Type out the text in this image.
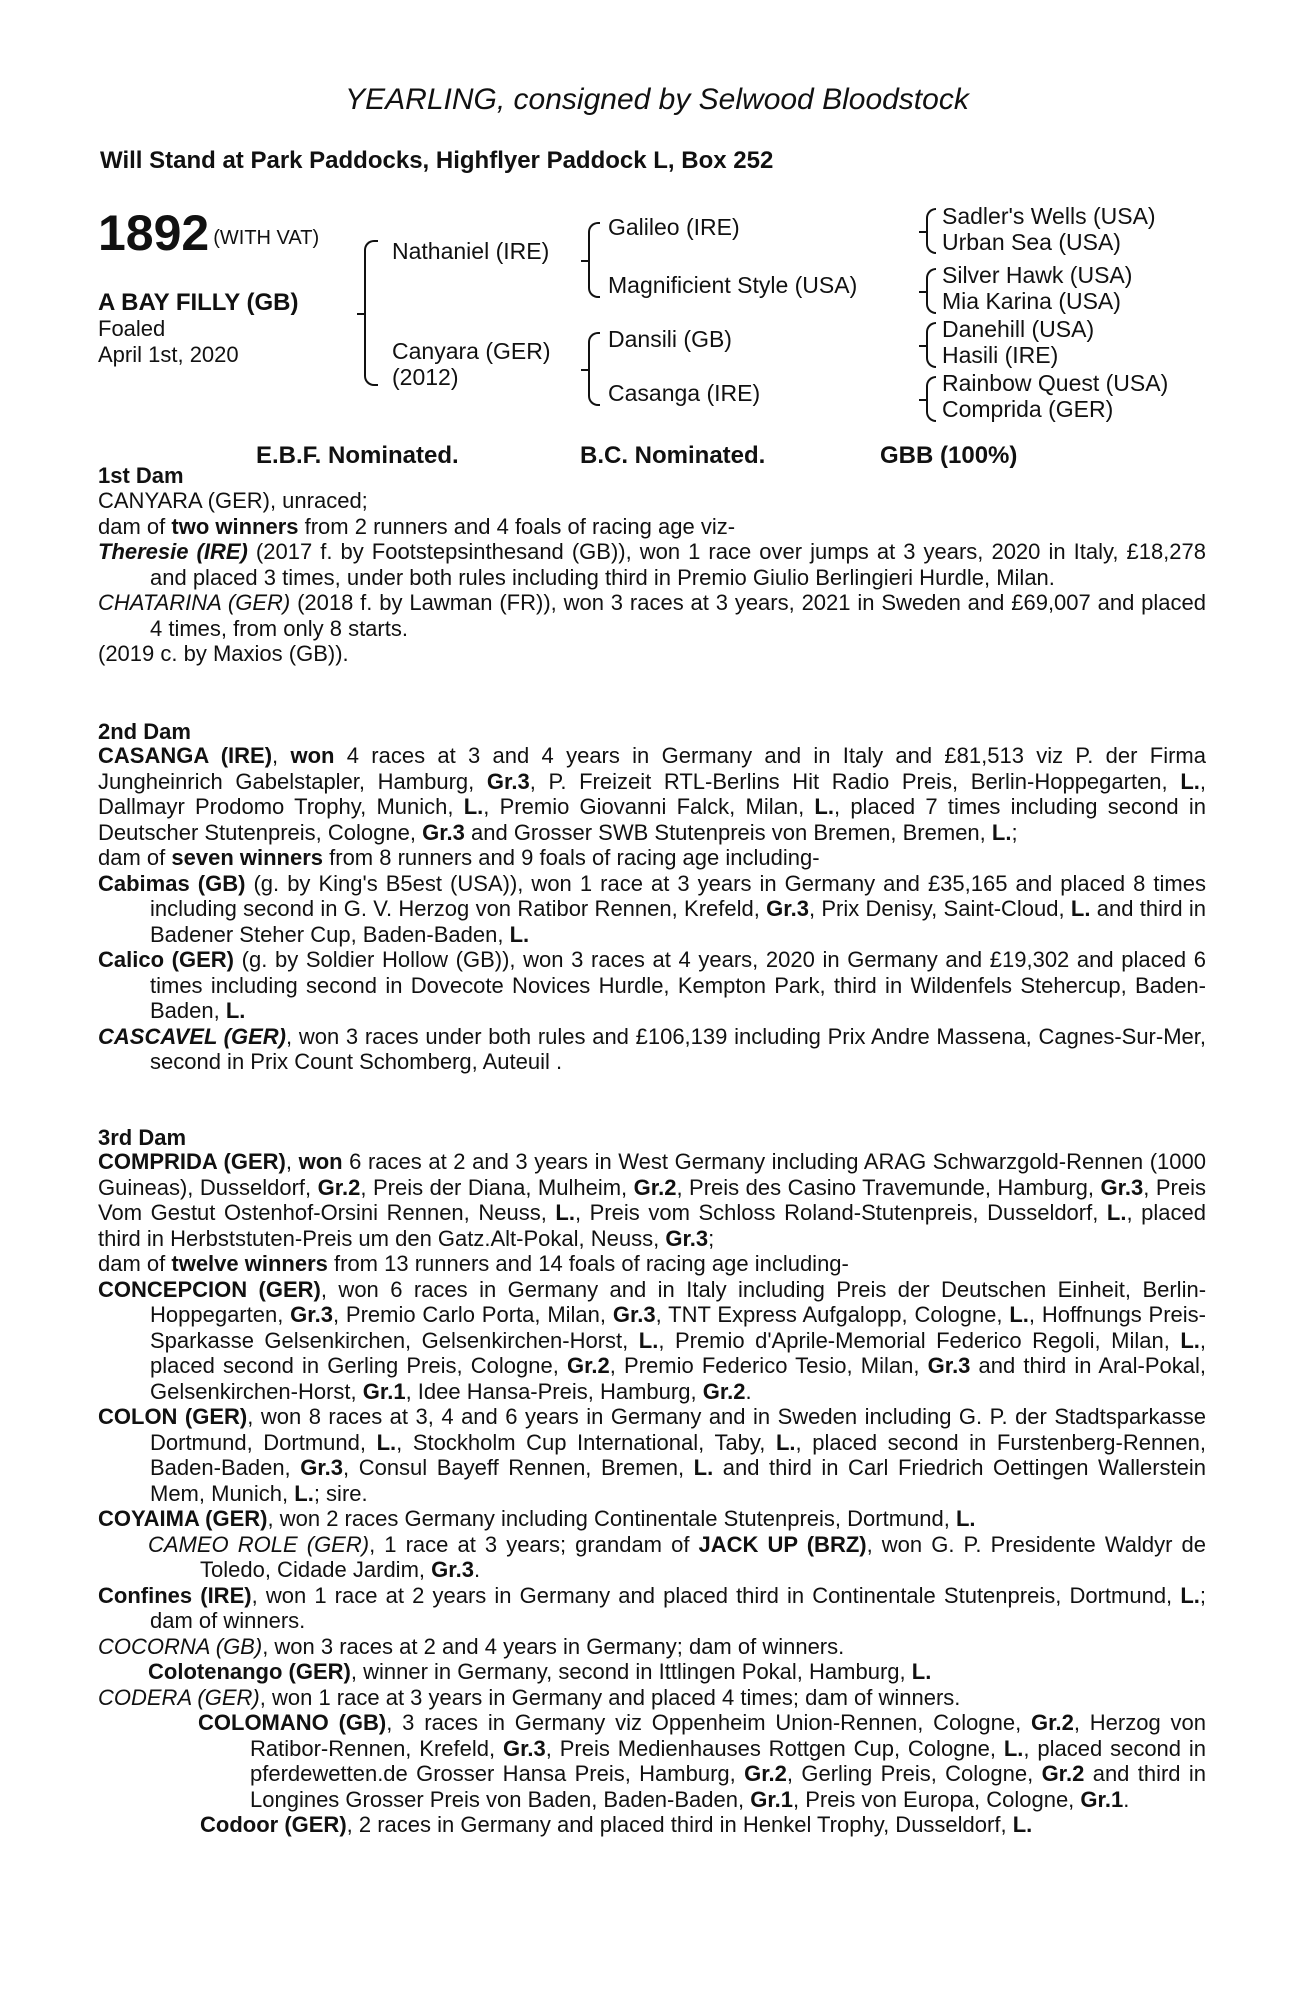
YEARLING, consigned by Selwood Bloodstock
Will Stand at Park Paddocks, Highflyer Paddock L, Box 252
1892 (WITH VAT)
A BAY FILLY (GB)
Foaled
April 1st, 2020
Nathaniel (IRE)
Canyara (GER)
(2012)
Galileo (IRE)
Magnificient Style (USA)
Dansili (GB)
Casanga (IRE)
Sadler's Wells (USA)
Urban Sea (USA)
Silver Hawk (USA)
Mia Karina (USA)
Danehill (USA)
Hasili (IRE)
Rainbow Quest (USA)
Comprida (GER)
E.B.F. Nominated.	B.C. Nominated.	GBB (100%)
1st Dam
CANYARA (GER), unraced;
dam of two winners from 2 runners and 4 foals of racing age viz-
Theresie (IRE) (2017 f. by Footstepsinthesand (GB)), won 1 race over jumps at 3 years, 2020 in Italy, £18,278 and placed 3 times, under both rules including third in Premio Giulio Berlingieri Hurdle, Milan.
CHATARINA (GER) (2018 f. by Lawman (FR)), won 3 races at 3 years, 2021 in Sweden and £69,007 and placed 4 times, from only 8 starts.
(2019 c. by Maxios (GB)).
2nd Dam
CASANGA (IRE), won 4 races at 3 and 4 years in Germany and in Italy and £81,513 viz P. der Firma Jungheinrich Gabelstapler, Hamburg, Gr.3, P. Freizeit RTL-Berlins Hit Radio Preis, Berlin-Hoppegarten, L., Dallmayr Prodomo Trophy, Munich, L., Premio Giovanni Falck, Milan, L., placed 7 times including second in Deutscher Stutenpreis, Cologne, Gr.3 and Grosser SWB Stutenpreis von Bremen, Bremen, L.;
dam of seven winners from 8 runners and 9 foals of racing age including-
Cabimas (GB) (g. by King's B5est (USA)), won 1 race at 3 years in Germany and £35,165 and placed 8 times including second in G. V. Herzog von Ratibor Rennen, Krefeld, Gr.3, Prix Denisy, Saint-Cloud, L. and third in Badener Steher Cup, Baden-Baden, L.
Calico (GER) (g. by Soldier Hollow (GB)), won 3 races at 4 years, 2020 in Germany and £19,302 and placed 6 times including second in Dovecote Novices Hurdle, Kempton Park, third in Wildenfels Stehercup, Baden-Baden, L.
CASCAVEL (GER), won 3 races under both rules and £106,139 including Prix Andre Massena, Cagnes-Sur-Mer, second in Prix Count Schomberg, Auteuil .
3rd Dam
COMPRIDA (GER), won 6 races at 2 and 3 years in West Germany including ARAG Schwarzgold-Rennen (1000 Guineas), Dusseldorf, Gr.2, Preis der Diana, Mulheim, Gr.2, Preis des Casino Travemunde, Hamburg, Gr.3, Preis Vom Gestut Ostenhof-Orsini Rennen, Neuss, L., Preis vom Schloss Roland-Stutenpreis, Dusseldorf, L., placed third in Herbststuten-Preis um den Gatz.Alt-Pokal, Neuss, Gr.3;
dam of twelve winners from 13 runners and 14 foals of racing age including-
CONCEPCION (GER), won 6 races in Germany and in Italy including Preis der Deutschen Einheit, Berlin-Hoppegarten, Gr.3, Premio Carlo Porta, Milan, Gr.3, TNT Express Aufgalopp, Cologne, L., Hoffnungs Preis-Sparkasse Gelsenkirchen, Gelsenkirchen-Horst, L., Premio d'Aprile-Memorial Federico Regoli, Milan, L., placed second in Gerling Preis, Cologne, Gr.2, Premio Federico Tesio, Milan, Gr.3 and third in Aral-Pokal, Gelsenkirchen-Horst, Gr.1, Idee Hansa-Preis, Hamburg, Gr.2.
COLON (GER), won 8 races at 3, 4 and 6 years in Germany and in Sweden including G. P. der Stadtsparkasse Dortmund, Dortmund, L., Stockholm Cup International, Taby, L., placed second in Furstenberg-Rennen, Baden-Baden, Gr.3, Consul Bayeff Rennen, Bremen, L. and third in Carl Friedrich Oettingen Wallerstein Mem, Munich, L.; sire.
COYAIMA (GER), won 2 races Germany including Continentale Stutenpreis, Dortmund, L.
CAMEO ROLE (GER), 1 race at 3 years; grandam of JACK UP (BRZ), won G. P. Presidente Waldyr de Toledo, Cidade Jardim, Gr.3.
Confines (IRE), won 1 race at 2 years in Germany and placed third in Continentale Stutenpreis, Dortmund, L.; dam of winners.
COCORNA (GB), won 3 races at 2 and 4 years in Germany; dam of winners.
Colotenango (GER), winner in Germany, second in Ittlingen Pokal, Hamburg, L.
CODERA (GER), won 1 race at 3 years in Germany and placed 4 times; dam of winners.
COLOMANO (GB), 3 races in Germany viz Oppenheim Union-Rennen, Cologne, Gr.2, Herzog von Ratibor-Rennen, Krefeld, Gr.3, Preis Medienhauses Rottgen Cup, Cologne, L., placed second in pferdewetten.de Grosser Hansa Preis, Hamburg, Gr.2, Gerling Preis, Cologne, Gr.2 and third in Longines Grosser Preis von Baden, Baden-Baden, Gr.1, Preis von Europa, Cologne, Gr.1.
Codoor (GER), 2 races in Germany and placed third in Henkel Trophy, Dusseldorf, L.
